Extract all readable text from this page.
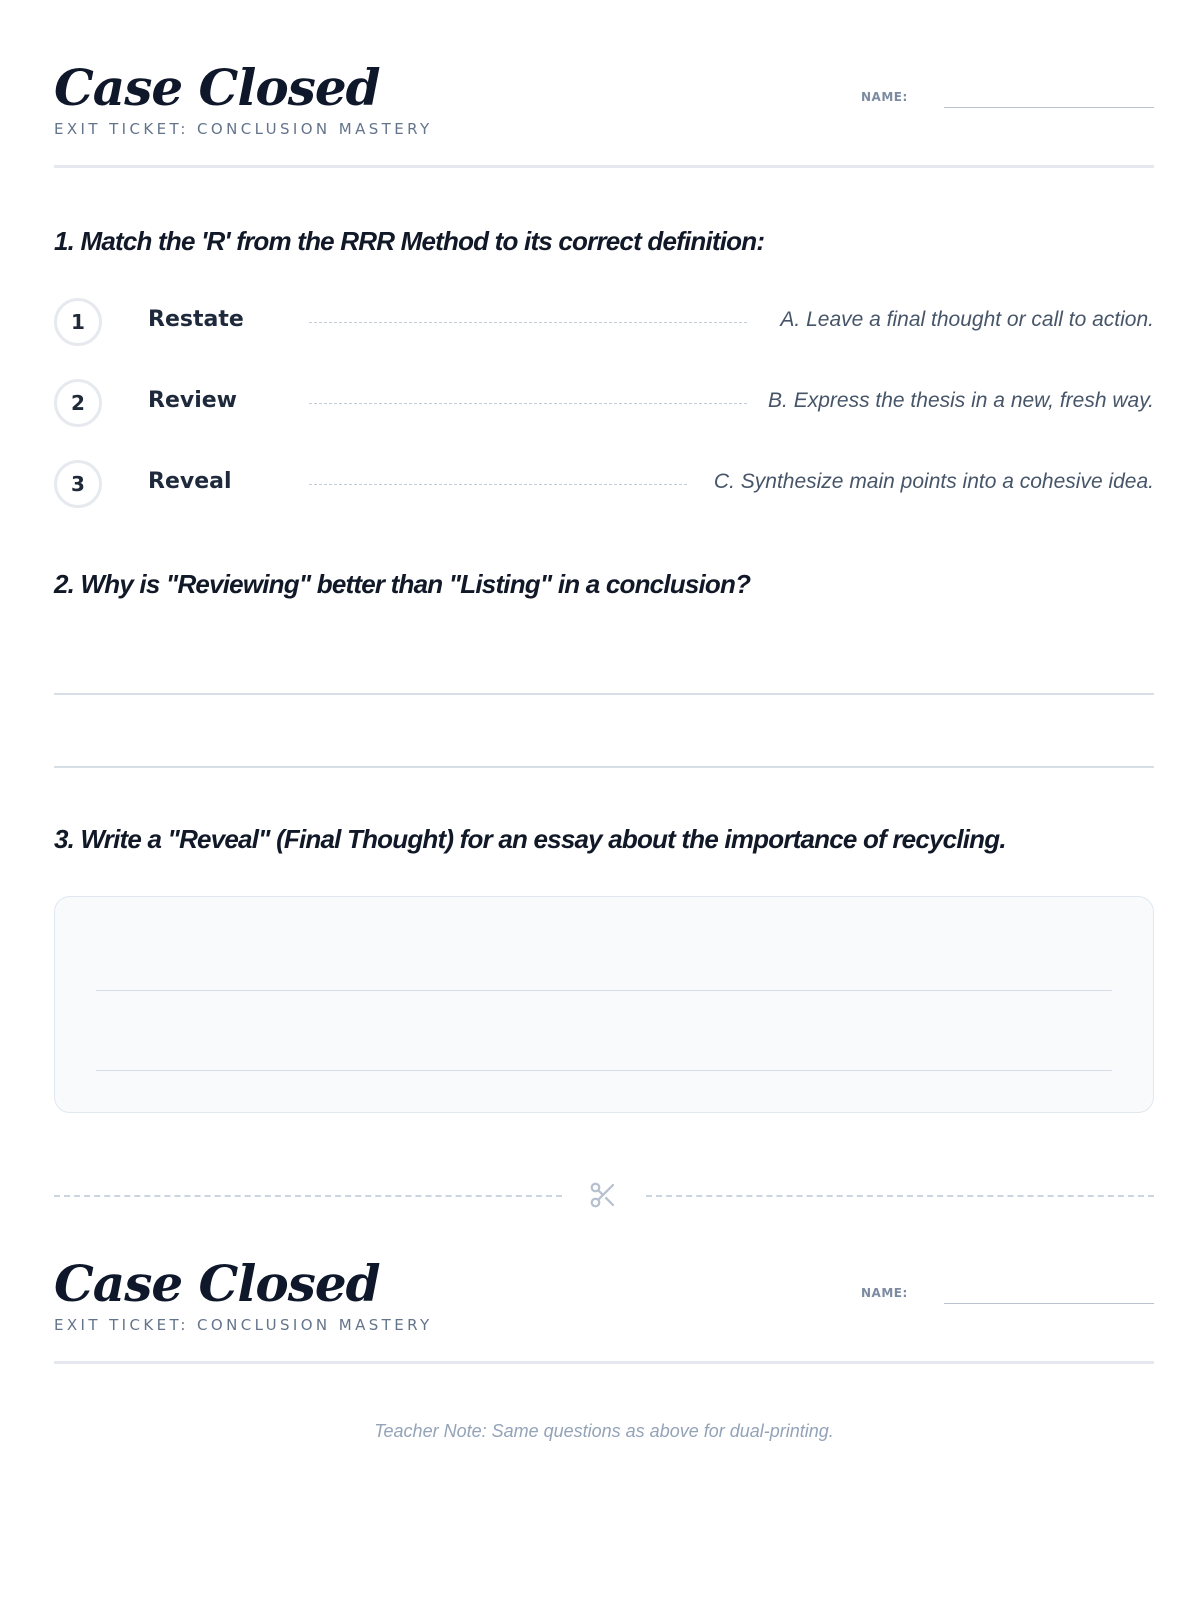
Case Closed
EXIT TICKET: CONCLUSION MASTERY
NAME:
1. Match the 'R' from the RRR Method to its correct definition:
1	Restate	A. Leave a final thought or call to action.
2	Review	B. Express the thesis in a new, fresh way.
3	Reveal	C. Synthesize main points into a cohesive idea.
2. Why is "Reviewing" better than "Listing" in a conclusion?
3. Write a "Reveal" (Final Thought) for an essay about the importance of recycling.
Case Closed
EXIT TICKET: CONCLUSION MASTERY
NAME:
Teacher Note: Same questions as above for dual-printing.
